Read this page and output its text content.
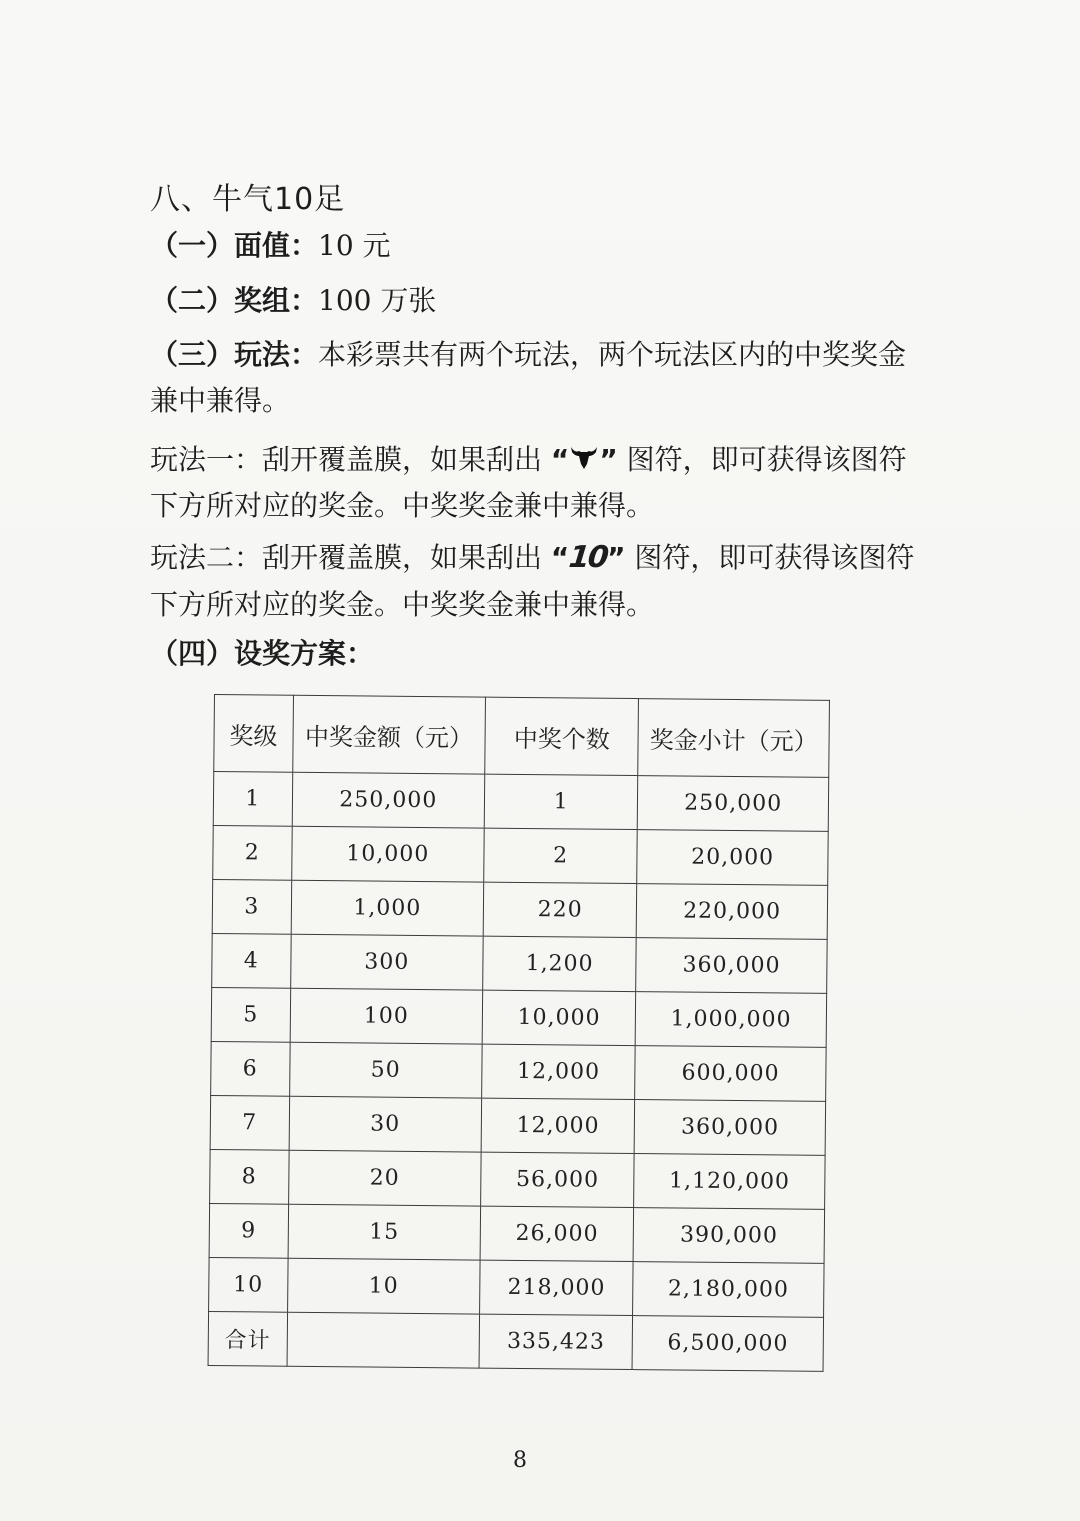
八、牛气10足
（一）面值：10 元
（二）奖组：100 万张
（三）玩法：本彩票共有两个玩法，两个玩法区内的中奖奖金
兼中兼得。
玩法一：刮开覆盖膜，如果刮出 “ ” 图符，即可获得该图符
下方所对应的奖金。中奖奖金兼中兼得。
玩法二：刮开覆盖膜，如果刮出 “10” 图符，即可获得该图符
下方所对应的奖金。中奖奖金兼中兼得。
（四）设奖方案：
奖级	中奖金额（元）	中奖个数	奖金小计（元）
1	250,000	1	250,000
2	10,000	2	20,000
3	1,000	220	220,000
4	300	1,200	360,000
5	100	10,000	1,000,000
6	50	12,000	600,000
7	30	12,000	360,000
8	20	56,000	1,120,000
9	15	26,000	390,000
10	10	218,000	2,180,000
合计		335,423	6,500,000
8
